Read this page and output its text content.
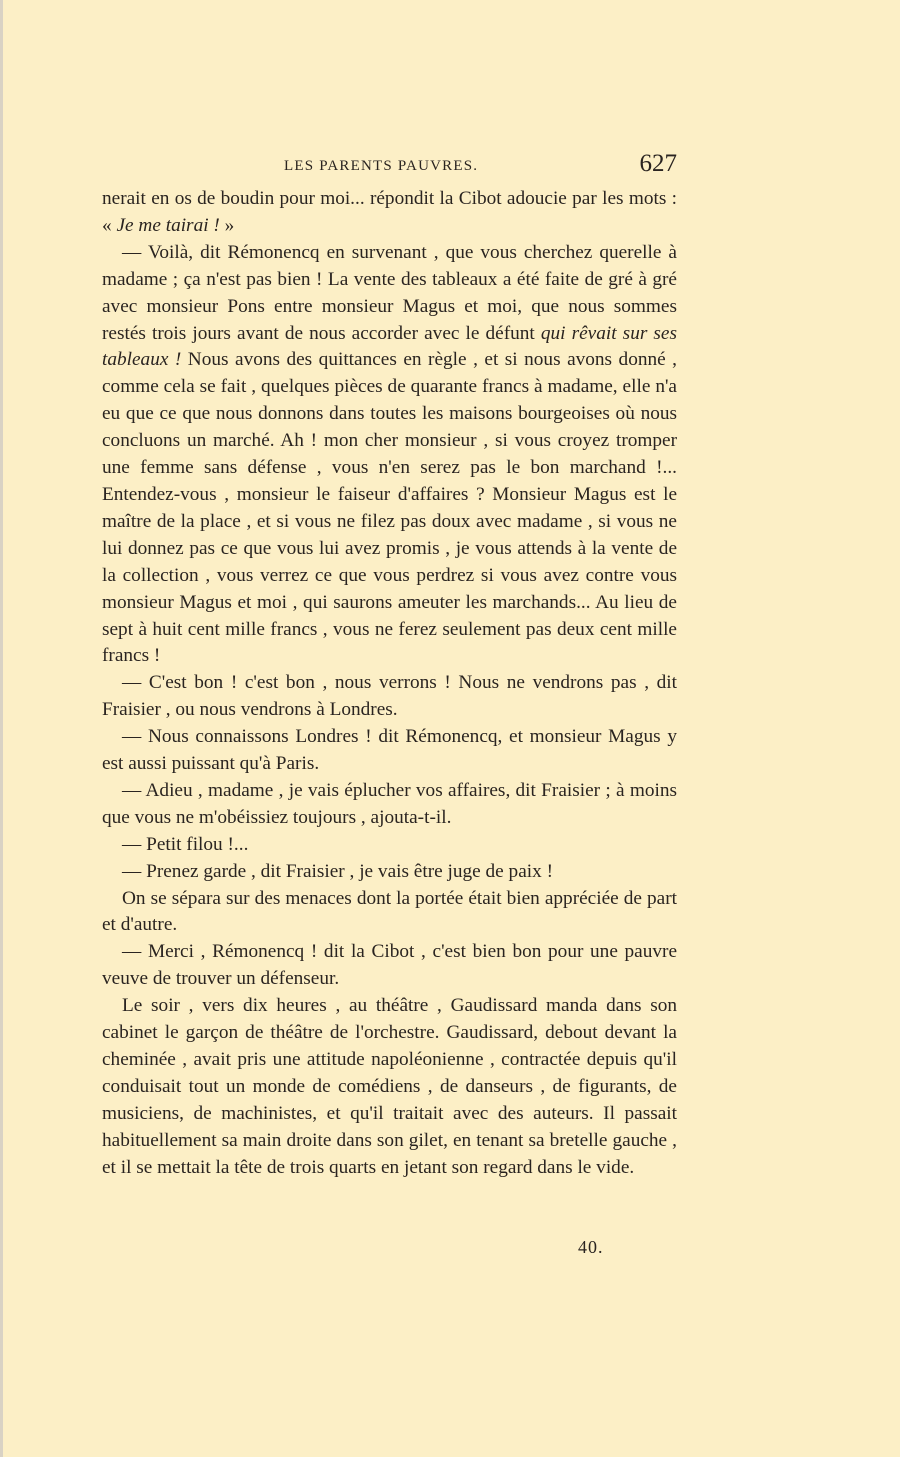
LES PARENTS PAUVRES.	627

nerait en os de boudin pour moi... répondit la Cibot adoucie par les mots : « Je me tairai ! »

— Voilà, dit Rémonencq en survenant , que vous cherchez querelle à madame ; ça n'est pas bien ! La vente des tableaux a été faite de gré à gré avec monsieur Pons entre monsieur Magus et moi, que nous sommes restés trois jours avant de nous accorder avec le défunt qui rêvait sur ses tableaux ! Nous avons des quittances en règle , et si nous avons donné , comme cela se fait , quelques pièces de quarante francs à madame, elle n'a eu que ce que nous donnons dans toutes les maisons bourgeoises où nous concluons un marché. Ah ! mon cher monsieur , si vous croyez tromper une femme sans défense , vous n'en serez pas le bon marchand !... Entendez-vous , monsieur le faiseur d'affaires ? Monsieur Magus est le maître de la place , et si vous ne filez pas doux avec madame , si vous ne lui donnez pas ce que vous lui avez promis , je vous attends à la vente de la collection , vous verrez ce que vous perdrez si vous avez contre vous monsieur Magus et moi , qui saurons ameuter les marchands... Au lieu de sept à huit cent mille francs , vous ne ferez seulement pas deux cent mille francs !

— C'est bon ! c'est bon , nous verrons ! Nous ne vendrons pas , dit Fraisier , ou nous vendrons à Londres.

— Nous connaissons Londres ! dit Rémonencq, et monsieur Magus y est aussi puissant qu'à Paris.

— Adieu , madame , je vais éplucher vos affaires, dit Fraisier ; à moins que vous ne m'obéissiez toujours , ajouta-t-il.

— Petit filou !...

— Prenez garde , dit Fraisier , je vais être juge de paix !

On se sépara sur des menaces dont la portée était bien appréciée de part et d'autre.

— Merci , Rémonencq ! dit la Cibot , c'est bien bon pour une pauvre veuve de trouver un défenseur.

Le soir , vers dix heures , au théâtre , Gaudissard manda dans son cabinet le garçon de théâtre de l'orchestre. Gaudissard, debout devant la cheminée , avait pris une attitude napoléonienne , contractée depuis qu'il conduisait tout un monde de comédiens , de danseurs , de figurants, de musiciens, de machinistes, et qu'il traitait avec des auteurs. Il passait habituellement sa main droite dans son gilet, en tenant sa bretelle gauche , et il se mettait la tête de trois quarts en jetant son regard dans le vide.

40.
